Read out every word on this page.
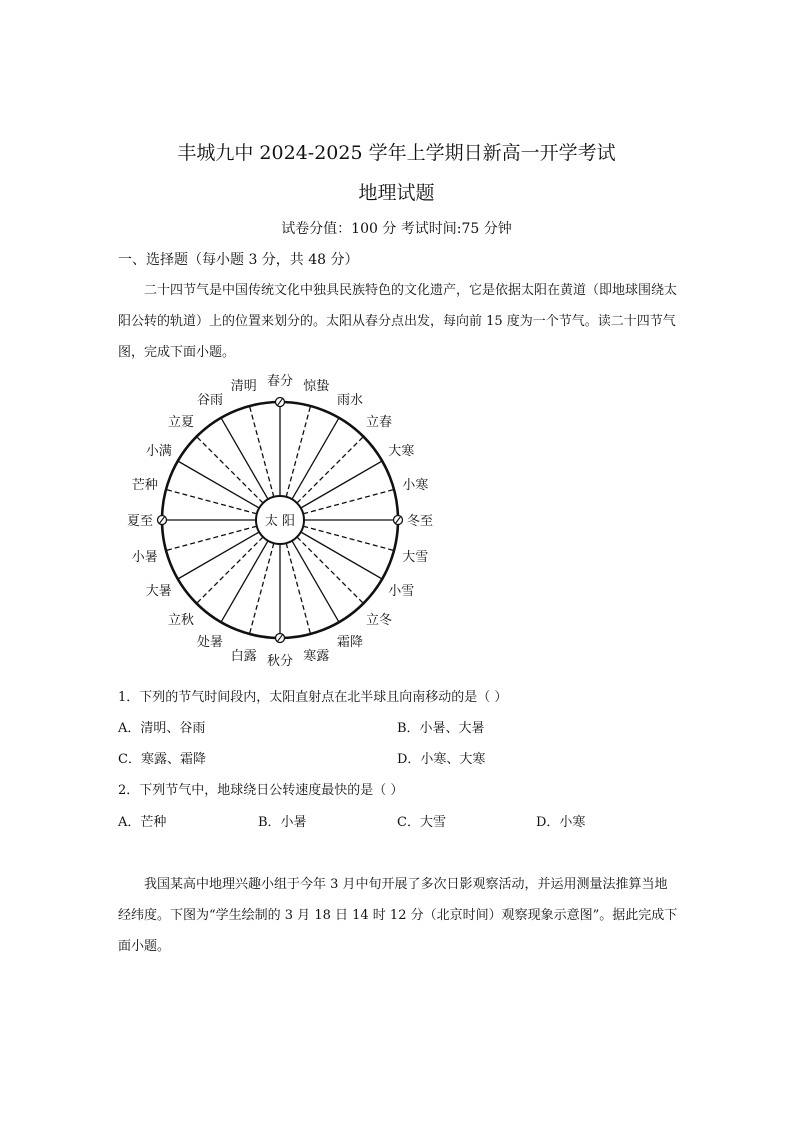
丰城九中 2024-2025 学年上学期日新高一开学考试
地理试题
试卷分值：100 分 考试时间:75 分钟
一、选择题（每小题 3 分，共 48 分）
二十四节气是中国传统文化中独具民族特色的文化遗产，它是依据太阳在黄道（即地球围绕太阳公转的轨道）上的位置来划分的。太阳从春分点出发，每向前 15 度为一个节气。读二十四节气图，完成下面小题。
春分 惊蛰
雨水
立春
大寒
小寒
冬至
大雪
小雪
立冬
霜降
寒露
秋分
白露
处暑
立秋
大暑
小暑
夏至
芒种
小满
立夏
谷雨
清明
太 阳
1．下列的节气时间段内，太阳直射点在北半球且向南移动的是（ ）
A．清明、谷雨	B．小暑、大暑
C．寒露、霜降	D．小寒、大寒
2．下列节气中，地球绕日公转速度最快的是（ ）
A．芒种	B．小暑	C．大雪	D．小寒
我国某高中地理兴趣小组于今年 3 月中旬开展了多次日影观察活动，并运用测量法推算当地经纬度。下图为“学生绘制的 3 月 18 日 14 时 12 分（北京时间）观察现象示意图”。据此完成下面小题。
